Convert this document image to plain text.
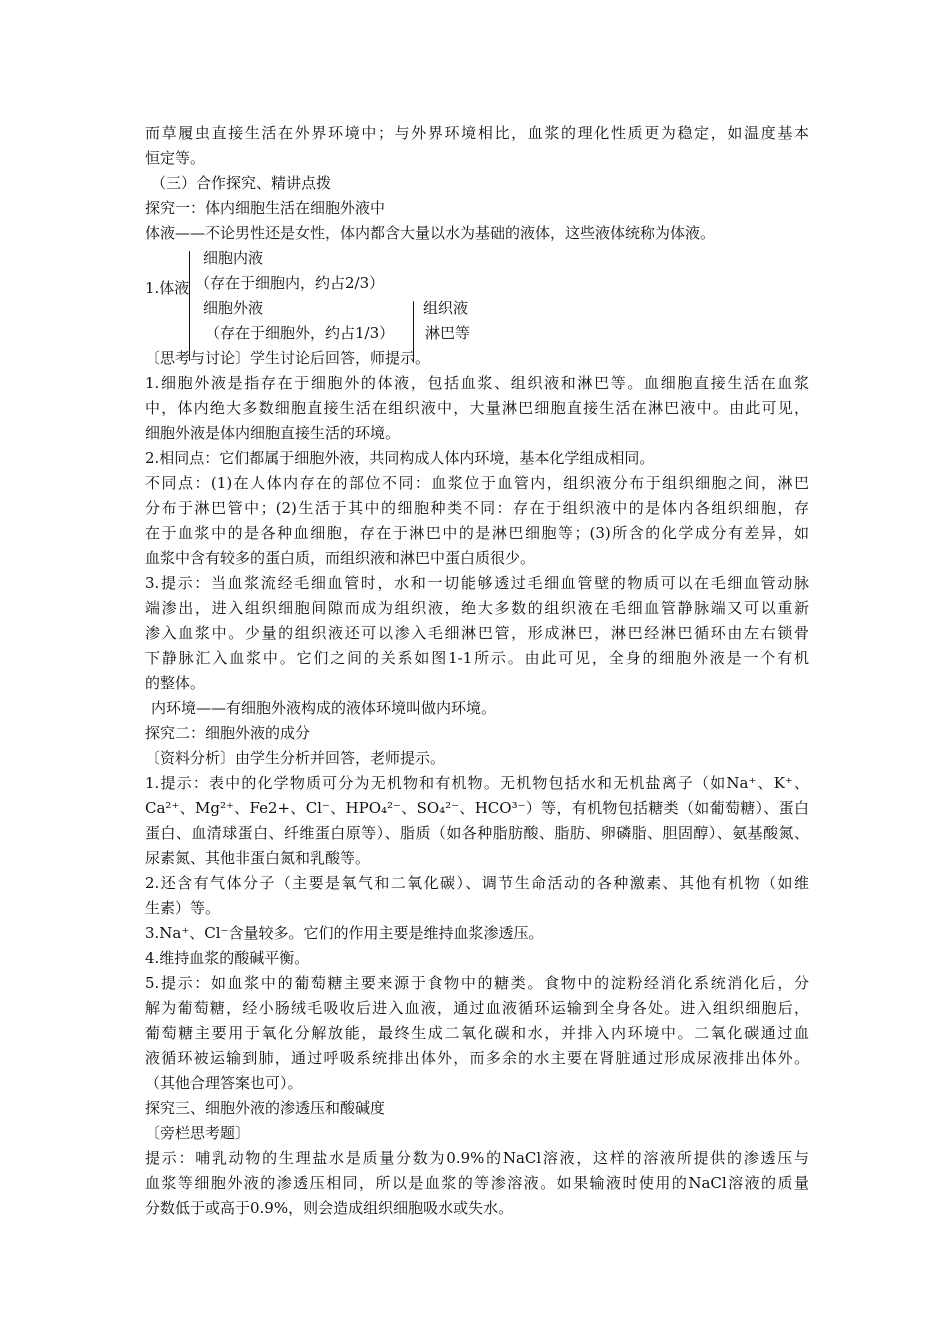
而草履虫直接生活在外界环境中；与外界环境相比，血浆的理化性质更为稳定，如温度基本
恒定等。
（三）合作探究、精讲点拨
探究一：体内细胞生活在细胞外液中
体液——不论男性还是女性，体内都含大量以水为基础的液体，这些液体统称为体液。
1.体液
细胞内液
（存在于细胞内，约占2/3）
细胞外液
（存在于细胞外，约占1/3）
组织液
淋巴等
〔思考与讨论〕学生讨论后回答，师提示。
1.细胞外液是指存在于细胞外的体液，包括血浆、组织液和淋巴等。血细胞直接生活在血浆
中，体内绝大多数细胞直接生活在组织液中，大量淋巴细胞直接生活在淋巴液中。由此可见，
细胞外液是体内细胞直接生活的环境。
2.相同点：它们都属于细胞外液，共同构成人体内环境，基本化学组成相同。
不同点：(1)在人体内存在的部位不同：血浆位于血管内，组织液分布于组织细胞之间，淋巴
分布于淋巴管中；(2)生活于其中的细胞种类不同：存在于组织液中的是体内各组织细胞，存
在于血浆中的是各种血细胞，存在于淋巴中的是淋巴细胞等；(3)所含的化学成分有差异，如
血浆中含有较多的蛋白质，而组织液和淋巴中蛋白质很少。
3.提示：当血浆流经毛细血管时，水和一切能够透过毛细血管壁的物质可以在毛细血管动脉
端渗出，进入组织细胞间隙而成为组织液，绝大多数的组织液在毛细血管静脉端又可以重新
渗入血浆中。少量的组织液还可以渗入毛细淋巴管，形成淋巴，淋巴经淋巴循环由左右锁骨
下静脉汇入血浆中。它们之间的关系如图1-1所示。由此可见，全身的细胞外液是一个有机
的整体。
内环境——有细胞外液构成的液体环境叫做内环境。
探究二：细胞外液的成分
〔资料分析〕由学生分析并回答，老师提示。
1.提示：表中的化学物质可分为无机物和有机物。无机物包括水和无机盐离子（如Na⁺、K⁺、
Ca²⁺、Mg²⁺、Fe2+、Cl⁻、HPO₄²⁻、SO₄²⁻、HCO³⁻）等，有机物包括糖类（如葡萄糖）、蛋白
蛋白、血清球蛋白、纤维蛋白原等）、脂质（如各种脂肪酸、脂肪、卵磷脂、胆固醇）、氨基酸氮、
尿素氮、其他非蛋白氮和乳酸等。
2.还含有气体分子（主要是氧气和二氧化碳）、调节生命活动的各种激素、其他有机物（如维
生素）等。
3.Na⁺、Cl⁻含量较多。它们的作用主要是维持血浆渗透压。
4.维持血浆的酸碱平衡。
5.提示：如血浆中的葡萄糖主要来源于食物中的糖类。食物中的淀粉经消化系统消化后，分
解为葡萄糖，经小肠绒毛吸收后进入血液，通过血液循环运输到全身各处。进入组织细胞后，
葡萄糖主要用于氧化分解放能，最终生成二氧化碳和水，并排入内环境中。二氧化碳通过血
液循环被运输到肺，通过呼吸系统排出体外，而多余的水主要在肾脏通过形成尿液排出体外。
（其他合理答案也可）。
探究三、细胞外液的渗透压和酸碱度
〔旁栏思考题〕
提示：哺乳动物的生理盐水是质量分数为0.9%的NaCl溶液，这样的溶液所提供的渗透压与
血浆等细胞外液的渗透压相同，所以是血浆的等渗溶液。如果输液时使用的NaCl溶液的质量
分数低于或高于0.9%，则会造成组织细胞吸水或失水。
